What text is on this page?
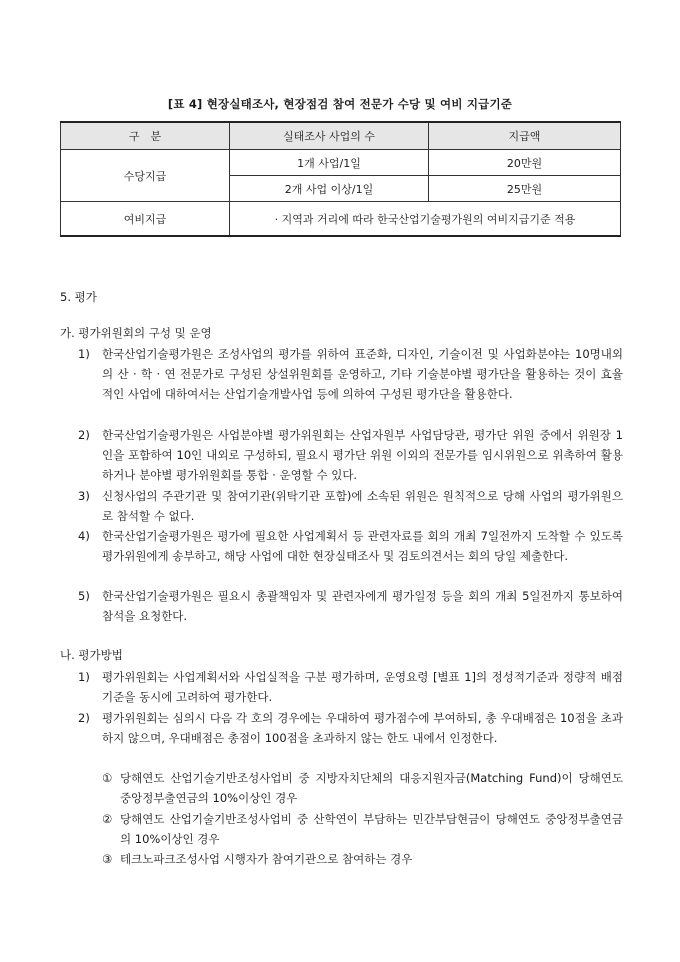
[표 4] 현장실태조사, 현장점검 참여 전문가 수당 및 여비 지급기준
구　분	실태조사 사업의 수	지급액
수당지급	1개 사업/1일	20만원
	2개 사업 이상/1일	25만원
여비지급	· 지역과 거리에 따라 한국산업기술평가원의 여비지급기준 적용	
5. 평가
가. 평가위원회의 구성 및 운영
1) 한국산업기술평가원은 조성사업의 평가를 위하여 표준화, 디자인, 기술이전 및 사업화분야는 10명내외의 산 · 학 · 연 전문가로 구성된 상설위원회를 운영하고, 기타 기술분야별 평가단을 활용하는 것이 효율적인 사업에 대하여서는 산업기술개발사업 등에 의하여 구성된 평가단을 활용한다.
2) 한국산업기술평가원은 사업분야별 평가위원회는 산업자원부 사업담당관, 평가단 위원 중에서 위원장 1인을 포함하여 10인 내외로 구성하되, 필요시 평가단 위원 이외의 전문가를 임시위원으로 위촉하여 활용하거나 분야별 평가위원회를 통합 · 운영할 수 있다.
3) 신청사업의 주관기관 및 참여기관(위탁기관 포함)에 소속된 위원은 원칙적으로 당해 사업의 평가위원으로 참석할 수 없다.
4) 한국산업기술평가원은 평가에 필요한 사업계획서 등 관련자료를 회의 개최 7일전까지 도착할 수 있도록 평가위원에게 송부하고, 해당 사업에 대한 현장실태조사 및 검토의견서는 회의 당일 제출한다.
5) 한국산업기술평가원은 필요시 총괄책임자 및 관련자에게 평가일정 등을 회의 개최 5일전까지 통보하여 참석을 요청한다.
나. 평가방법
1) 평가위원회는 사업계획서와 사업실적을 구분 평가하며, 운영요령 [별표 1]의 정성적기준과 정량적 배점기준을 동시에 고려하여 평가한다.
2) 평가위원회는 심의시 다음 각 호의 경우에는 우대하여 평가점수에 부여하되, 총 우대배점은 10점을 초과하지 않으며, 우대배점은 총점이 100점을 초과하지 않는 한도 내에서 인정한다.
① 당해연도 산업기술기반조성사업비 중 지방자치단체의 대응지원자금(Matching Fund)이 당해연도 중앙정부출연금의 10%이상인 경우
② 당해연도 산업기술기반조성사업비 중 산학연이 부담하는 민간부담현금이 당해연도 중앙정부출연금의 10%이상인 경우
③ 테크노파크조성사업 시행자가 참여기관으로 참여하는 경우
